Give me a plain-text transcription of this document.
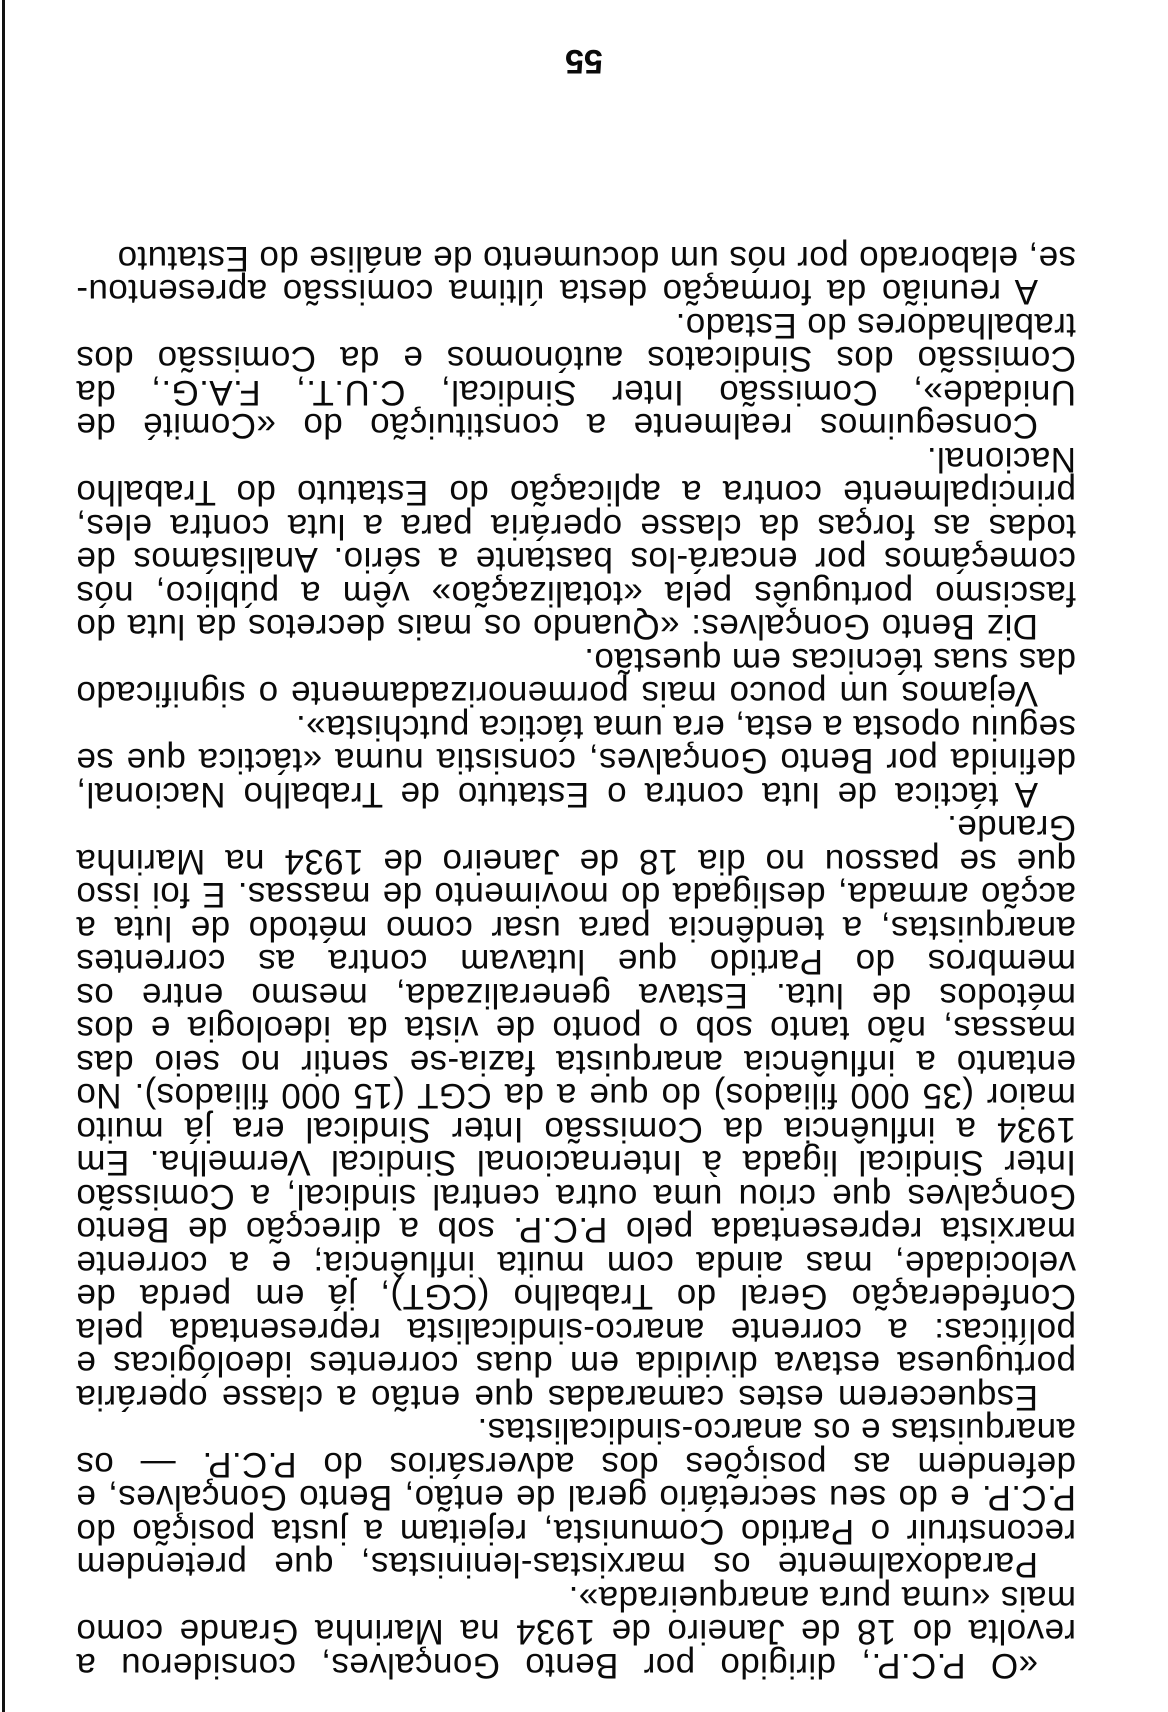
«O P.C.P., dirigido por Bento Gonçalves, considerou a revolta do 18 de Janeiro de 1934 na Marinha Grande como mais «uma pura anarqueirada».

Paradoxalmente os marxistas-leninistas, que pretendem reconstruir o Partido Comunista, rejeitam a justa posição do P.C.P. e do seu secretário geral de então, Bento Gonçalves, e defendem as posições dos adversários do P.C.P. — os anarquistas e os anarco-sindicalistas.

Esquecerem estes camaradas que então a classe operária portuguesa estava dividida em duas correntes ideológicas e políticas: a corrente anarco-sindicalista representada pela Confederação Geral do Trabalho (CGT), já em perda de velocidade, mas ainda com muita influência; e a corrente marxista representada pelo P.C.P. sob a direcção de Bento Gonçalves que criou uma outra central sindical, a Comissão Inter Sindical ligada à Internacional Sindical Vermelha. Em 1934 a influência da Comissão Inter Sindical era já muito maior (35 000 filiados) do que a da CGT (15 000 filiados). No entanto a influência anarquista fazia-se sentir no seio das massas, não tanto sob o ponto de vista da ideologia e dos métodos de luta. Estava generalizada, mesmo entre os membros do Partido que lutavam contra as correntes anarquistas, a tendência para usar como método de luta a acção armada, desligada do movimento de massas. E foi isso que se passou no dia 18 de Janeiro de 1934 na Marinha Grande.

A táctica de luta contra o Estatuto de Trabalho Nacional, definida por Bento Gonçalves, consistia numa «táctica que se seguiu oposta a esta, era uma táctica putchista».

Vejamos um pouco mais pormenorizadamente o significado das suas técnicas em questão.

Diz Bento Gonçalves: «Quando os mais decretos da luta do fascismo português pela «totalização» vêm a público, nós começámos por encará-los bastante a sério. Analisámos de todas as forças da classe operária para a luta contra eles, principalmente contra a aplicação do Estatuto do Trabalho Nacional.

Conseguimos realmente a constituição do «Comité de Unidade», Comissão Inter Sindical, C.U.T., F.A.G., da Comissão dos Sindicatos autónomos e da Comissão dos trabalhadores do Estado.

A reunião da formação desta última comissão apresentou-se, elaborado por nós um documento de análise do Estatuto

55
